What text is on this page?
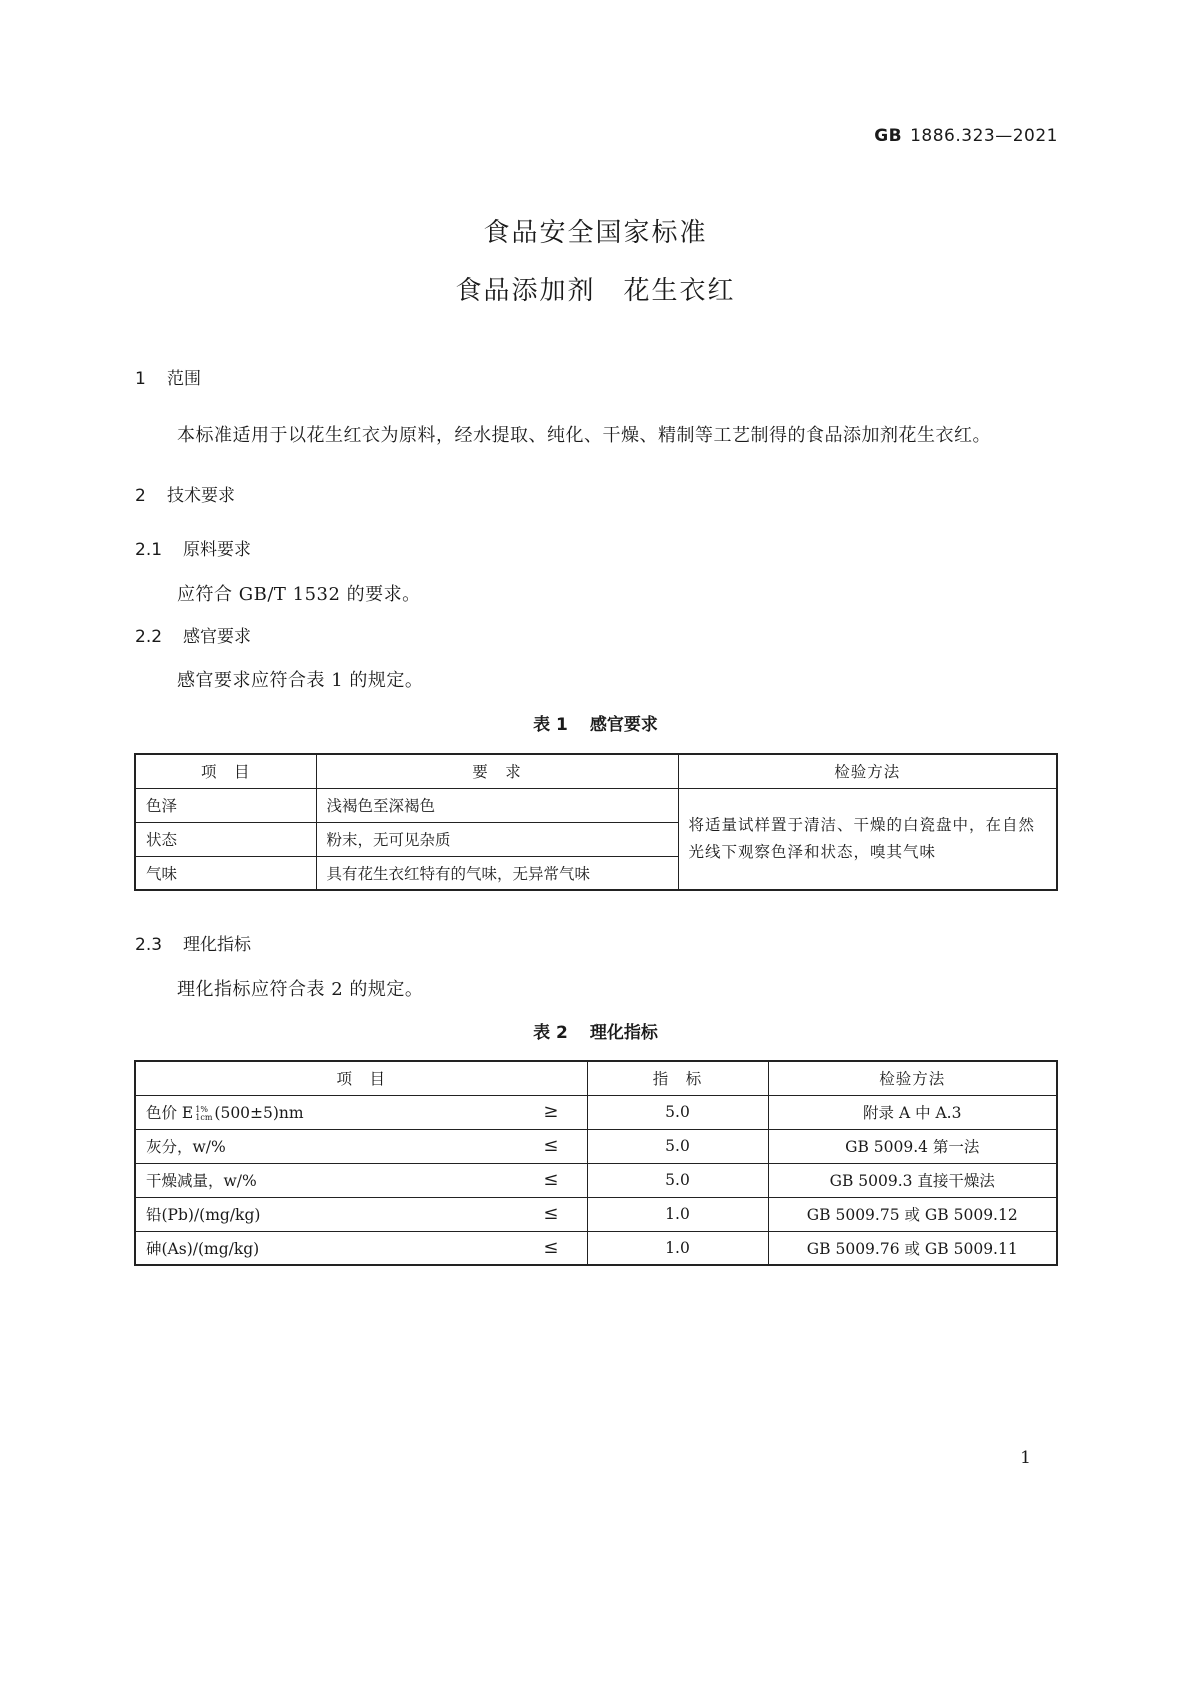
GB 1886.323—2021
食品安全国家标准
食品添加剂　花生衣红
1 范围
本标准适用于以花生红衣为原料，经水提取、纯化、干燥、精制等工艺制得的食品添加剂花生衣红。
2 技术要求
2.1 原料要求
应符合 GB/T 1532 的要求。
2.2 感官要求
感官要求应符合表 1 的规定。
表 1 感官要求
项　目	要　求	检验方法
色泽	浅褐色至深褐色	将适量试样置于清洁、干燥的白瓷盘中，在自然光线下观察色泽和状态，嗅其气味
状态	粉末，无可见杂质	
气味	具有花生衣红特有的气味，无异常气味	
2.3 理化指标
理化指标应符合表 2 的规定。
表 2 理化指标
项　目	指　标	检验方法
色价 E 1%
1cm (500±5)nm ≥	5.0	附录 A 中 A.3
灰分，w/% ≤	5.0	GB 5009.4 第一法
干燥减量，w/% ≤	5.0	GB 5009.3 直接干燥法
铅(Pb)/(mg/kg) ≤	1.0	GB 5009.75 或 GB 5009.12
砷(As)/(mg/kg) ≤	1.0	GB 5009.76 或 GB 5009.11
1
